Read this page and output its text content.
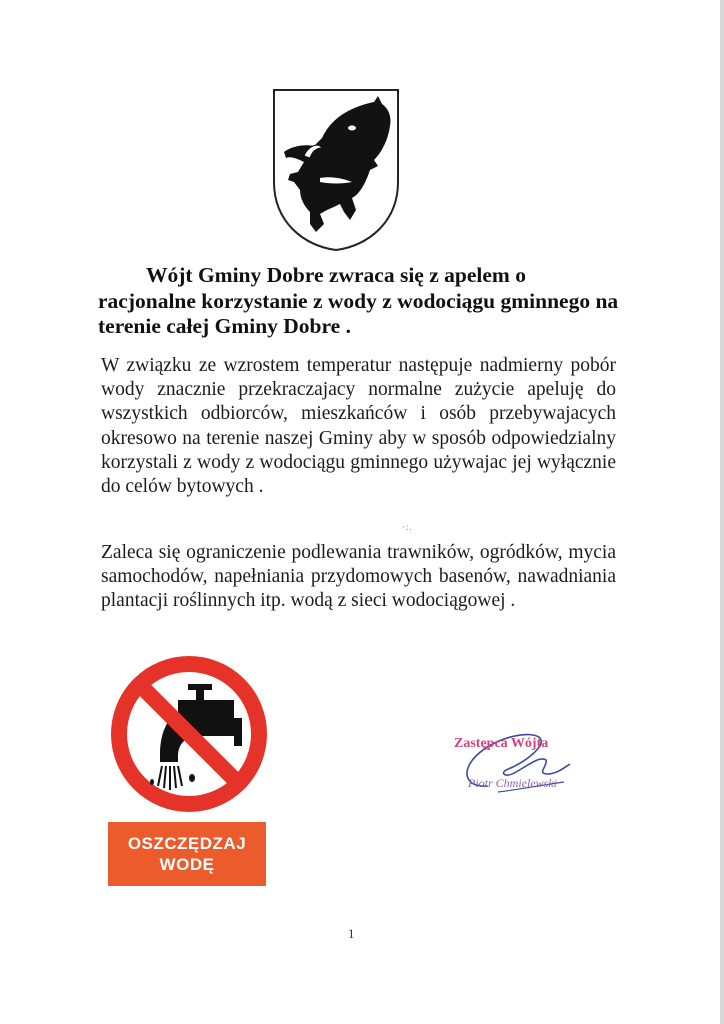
Wójt Gminy Dobre zwraca się z apelem o racjonalne korzystanie z wody z wodociągu gminnego na terenie całej Gminy Dobre .

W związku ze wzrostem temperatur następuje nadmierny pobór wody znacznie przekraczajacy normalne zużycie apeluję do wszystkich odbiorców, mieszkańców i osób przebywajacych okresowo na terenie naszej Gminy aby w sposób odpowiedzialny korzystali z wody z wodociągu gminnego używajac jej wyłącznie do celów bytowych .

·:.

Zaleca się ograniczenie podlewania trawników, ogródków, mycia samochodów, napełniania przydomowych basenów, nawadniania plantacji roślinnych itp. wodą z sieci wodociągowej .

OSZCZĘDZAJ
WODĘ
Zastępca Wójta
Piotr Chmielewski
1
